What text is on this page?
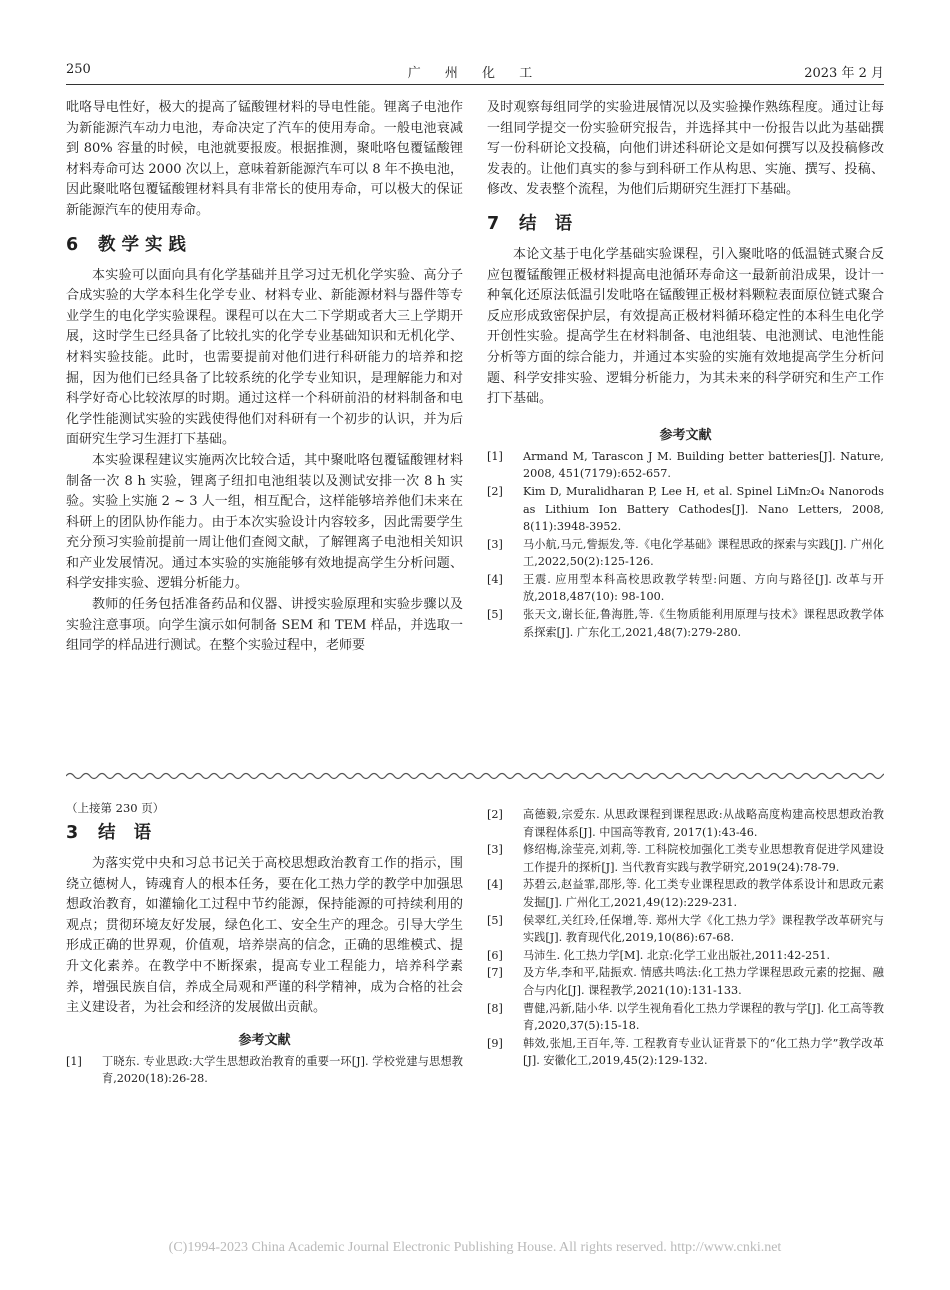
250	广 州 化 工	2023 年 2 月

吡咯导电性好，极大的提高了锰酸锂材料的导电性能。锂离子电池作为新能源汽车动力电池，寿命决定了汽车的使用寿命。一般电池衰减到 80% 容量的时候，电池就要报废。根据推测，聚吡咯包覆锰酸锂材料寿命可达 2000 次以上，意味着新能源汽车可以 8 年不换电池，因此聚吡咯包覆锰酸锂材料具有非常长的使用寿命，可以极大的保证新能源汽车的使用寿命。

6 教学实践

本实验可以面向具有化学基础并且学习过无机化学实验、高分子合成实验的大学本科生化学专业、材料专业、新能源材料与器件等专业学生的电化学实验课程。课程可以在大二下学期或者大三上学期开展，这时学生已经具备了比较扎实的化学专业基础知识和无机化学、材料实验技能。此时，也需要提前对他们进行科研能力的培养和挖掘，因为他们已经具备了比较系统的化学专业知识，是理解能力和对科学好奇心比较浓厚的时期。通过这样一个科研前沿的材料制备和电化学性能测试实验的实践使得他们对科研有一个初步的认识，并为后面研究生学习生涯打下基础。

本实验课程建议实施两次比较合适，其中聚吡咯包覆锰酸锂材料制备一次 8 h 实验，锂离子纽扣电池组装以及测试安排一次 8 h 实验。实验上实施 2 ~ 3 人一组，相互配合，这样能够培养他们未来在科研上的团队协作能力。由于本次实验设计内容较多，因此需要学生充分预习实验前提前一周让他们查阅文献，了解锂离子电池相关知识和产业发展情况。通过本实验的实施能够有效地提高学生分析问题、科学安排实验、逻辑分析能力。

教师的任务包括准备药品和仪器、讲授实验原理和实验步骤以及实验注意事项。向学生演示如何制备 SEM 和 TEM 样品，并选取一组同学的样品进行测试。在整个实验过程中，老师要

及时观察每组同学的实验进展情况以及实验操作熟练程度。通过让每一组同学提交一份实验研究报告，并选择其中一份报告以此为基础撰写一份科研论文投稿，向他们讲述科研论文是如何撰写以及投稿修改发表的。让他们真实的参与到科研工作从构思、实施、撰写、投稿、修改、发表整个流程，为他们后期研究生涯打下基础。

7 结 语

本论文基于电化学基础实验课程，引入聚吡咯的低温链式聚合反应包覆锰酸锂正极材料提高电池循环寿命这一最新前沿成果，设计一种氧化还原法低温引发吡咯在锰酸锂正极材料颗粒表面原位链式聚合反应形成致密保护层，有效提高正极材料循环稳定性的本科生电化学开创性实验。提高学生在材料制备、电池组装、电池测试、电池性能分析等方面的综合能力，并通过本实验的实施有效地提高学生分析问题、科学安排实验、逻辑分析能力，为其未来的科学研究和生产工作打下基础。

参考文献
[1]	Armand M, Tarascon J M. Building better batteries[J]. Nature, 2008, 451(7179):652-657.
[2]	Kim D, Muralidharan P, Lee H, et al. Spinel LiMn₂O₄ Nanorods as Lithium Ion Battery Cathodes[J]. Nano Letters, 2008, 8(11):3948-3952.
[3]	马小航,马元,訾振发,等.《电化学基础》课程思政的探索与实践[J]. 广州化工,2022,50(2):125-126.
[4]	王震. 应用型本科高校思政教学转型:问题、方向与路径[J]. 改革与开放,2018,487(10): 98-100.
[5]	张天文,谢长征,鲁海胜,等.《生物质能利用原理与技术》课程思政教学体系探索[J]. 广东化工,2021,48(7):279-280.
（上接第 230 页）
3 结 语

为落实党中央和习总书记关于高校思想政治教育工作的指示，围绕立德树人，铸魂育人的根本任务，要在化工热力学的教学中加强思想政治教育，如灌输化工过程中节约能源，保持能源的可持续利用的观点；贯彻环境友好发展，绿色化工、安全生产的理念。引导大学生形成正确的世界观，价值观，培养崇高的信念，正确的思维模式、提升文化素养。在教学中不断探索，提高专业工程能力，培养科学素养，增强民族自信，养成全局观和严谨的科学精神，成为合格的社会主义建设者，为社会和经济的发展做出贡献。

参考文献
[1]	丁晓东. 专业思政:大学生思想政治教育的重要一环[J]. 学校党建与思想教育,2020(18):26-28.
[2]	高德毅,宗爱东. 从思政课程到课程思政:从战略高度构建高校思想政治教育课程体系[J]. 中国高等教育, 2017(1):43-46.
[3]	修绍梅,涂莹亮,刘莉,等. 工科院校加强化工类专业思想教育促进学风建设工作提升的探析[J]. 当代教育实践与教学研究,2019(24):78-79.
[4]	苏碧云,赵益霏,邵彤,等. 化工类专业课程思政的教学体系设计和思政元素发掘[J]. 广州化工,2021,49(12):229-231.
[5]	侯翠红,关红玲,任保增,等. 郑州大学《化工热力学》课程教学改革研究与实践[J]. 教育现代化,2019,10(86):67-68.
[6]	马沛生. 化工热力学[M]. 北京:化学工业出版社,2011:42-251.
[7]	及方华,李和平,陆振欢. 情感共鸣法:化工热力学课程思政元素的挖掘、融合与内化[J]. 课程教学,2021(10):131-133.
[8]	曹健,冯新,陆小华. 以学生视角看化工热力学课程的教与学[J]. 化工高等教育,2020,37(5):15-18.
[9]	韩效,张旭,王百年,等. 工程教育专业认证背景下的“化工热力学”教学改革[J]. 安徽化工,2019,45(2):129-132.
(C)1994-2023 China Academic Journal Electronic Publishing House. All rights reserved. http://www.cnki.net
